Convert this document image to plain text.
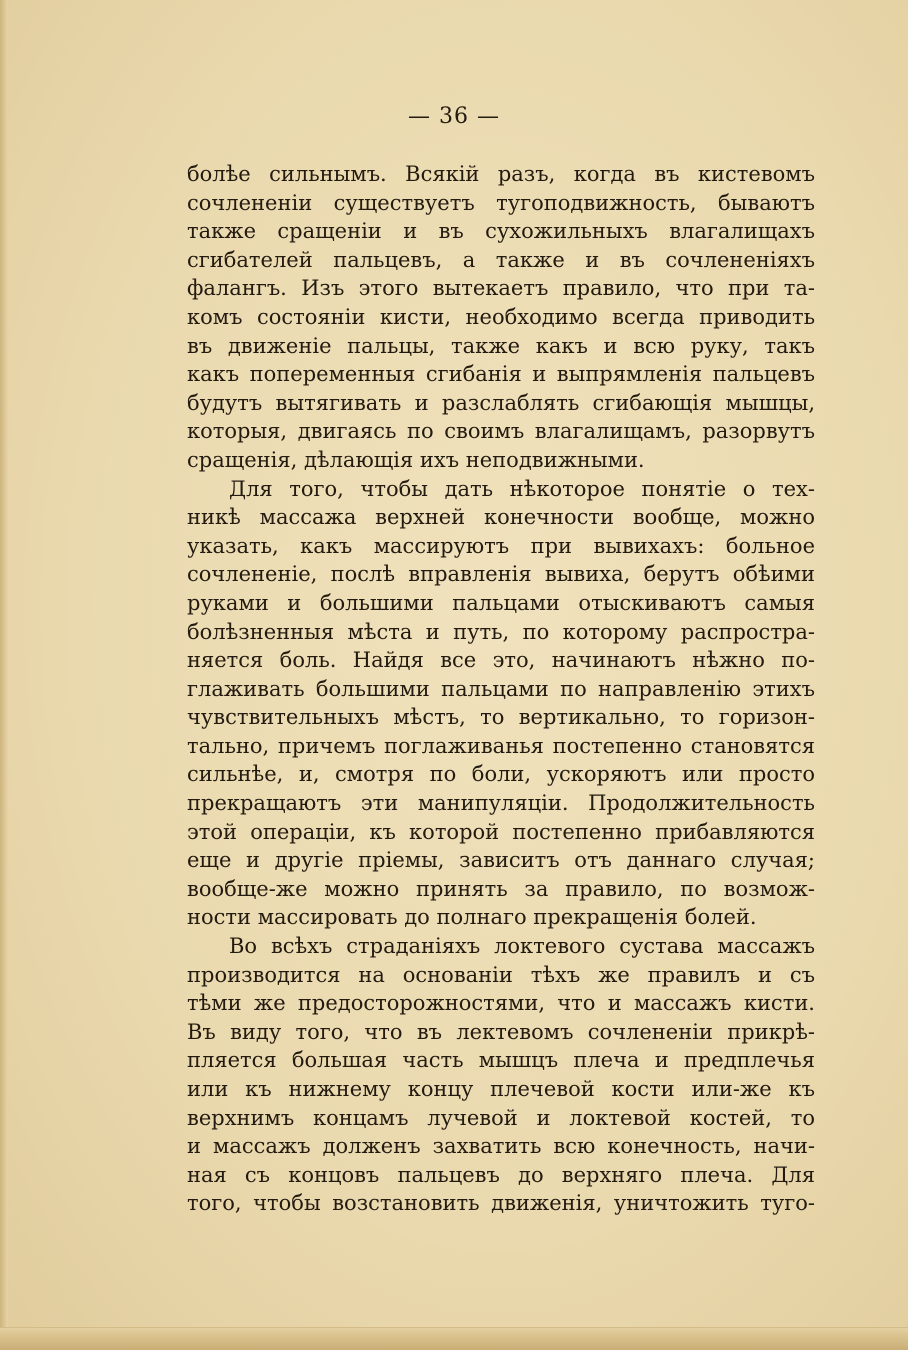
— 36 —
болѣе сильнымъ. Всякій разъ, когда въ кистевомъ
сочлененіи существуетъ тугоподвижность, бываютъ
также сращеніи и въ сухожильныхъ влагалищахъ
сгибателей пальцевъ, а также и въ сочлененіяхъ
фалангъ. Изъ этого вытекаетъ правило, что при та-
комъ состояніи кисти, необходимо всегда приводить
въ движеніе пальцы, также какъ и всю руку, такъ
какъ попеременныя сгибанія и выпрямленія пальцевъ
будутъ вытягивать и разслаблять сгибающія мышцы,
которыя, двигаясь по своимъ влагалищамъ, разорвутъ
сращенія, дѣлающія ихъ неподвижными.
Для того, чтобы дать нѣкоторое понятіе о тех-
никѣ массажа верхней конечности вообще, можно
указать, какъ массируютъ при вывихахъ: больное
сочлененіе, послѣ вправленія вывиха, берутъ обѣими
руками и большими пальцами отыскиваютъ самыя
болѣзненныя мѣста и путь, по которому распростра-
няется боль. Найдя все это, начинаютъ нѣжно по-
глаживать большими пальцами по направленію этихъ
чувствительныхъ мѣстъ, то вертикально, то горизон-
тально, причемъ поглаживанья постепенно становятся
сильнѣе, и, смотря по боли, ускоряютъ или просто
прекращаютъ эти манипуляціи. Продолжительность
этой операціи, къ которой постепенно прибавляются
еще и другіе пріемы, зависитъ отъ даннаго случая;
вообще-же можно принять за правило, по возмож-
ности массировать до полнаго прекращенія болей.
Во всѣхъ страданіяхъ локтевого сустава массажъ
производится на основаніи тѣхъ же правилъ и съ
тѣми же предосторожностями, что и массажъ кисти.
Въ виду того, что въ лектевомъ сочлененіи прикрѣ-
пляется большая часть мышцъ плеча и предплечья
или къ нижнему концу плечевой кости или-же къ
верхнимъ концамъ лучевой и локтевой костей, то
и массажъ долженъ захватить всю конечность, начи-
ная съ концовъ пальцевъ до верхняго плеча. Для
того, чтобы возстановить движенія, уничтожить туго-
